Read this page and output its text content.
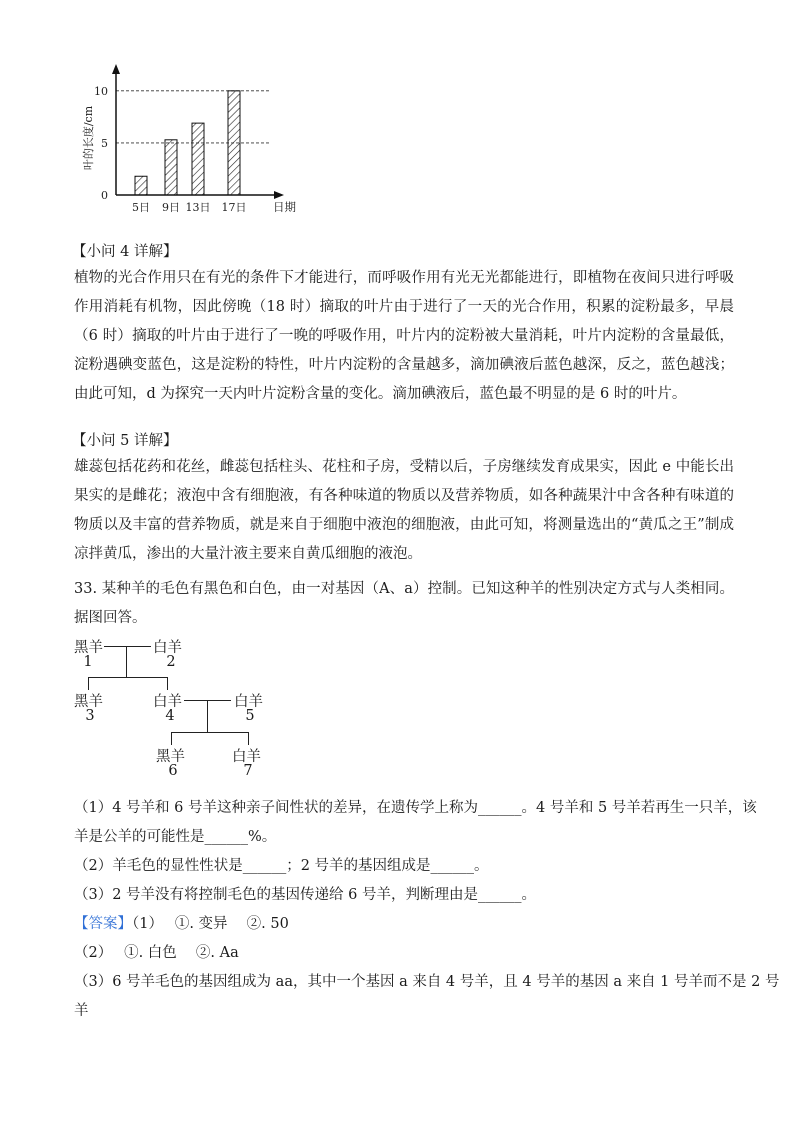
叶的长度/cm
0
5
10
5日 9日 13日 17日 日期
【小问 4 详解】

植物的光合作用只在有光的条件下才能进行，而呼吸作用有光无光都能进行，即植物在夜间只进行呼吸作用消耗有机物，因此傍晚（18 时）摘取的叶片由于进行了一天的光合作用，积累的淀粉最多，早晨（6 时）摘取的叶片由于进行了一晚的呼吸作用，叶片内的淀粉被大量消耗，叶片内淀粉的含量最低，淀粉遇碘变蓝色，这是淀粉的特性，叶片内淀粉的含量越多，滴加碘液后蓝色越深，反之，蓝色越浅；由此可知，d 为探究一天内叶片淀粉含量的变化。滴加碘液后，蓝色最不明显的是 6 时的叶片。

【小问 5 详解】

雄蕊包括花药和花丝，雌蕊包括柱头、花柱和子房，受精以后，子房继续发育成果实，因此 e 中能长出果实的是雌花；液泡中含有细胞液，有各种味道的物质以及营养物质，如各种蔬果汁中含各种有味道的物质以及丰富的营养物质，就是来自于细胞中液泡的细胞液，由此可知，将测量选出的“黄瓜之王”制成凉拌黄瓜，渗出的大量汁液主要来自黄瓜细胞的液泡。

33. 某种羊的毛色有黑色和白色，由一对基因（A、a）控制。已知这种羊的性别决定方式与人类相同。据图回答。

黑羊
1
白羊
2
黑羊
3
白羊
4
白羊
5
黑羊
6
白羊
7
（1）4 号羊和 6 号羊这种亲子间性状的差异，在遗传学上称为______。4 号羊和 5 号羊若再生一只羊，该
羊是公羊的可能性是______%。
（2）羊毛色的显性性状是______；2 号羊的基因组成是______。
（3）2 号羊没有将控制毛色的基因传递给 6 号羊，判断理由是______。
【答案】（1）　 ①. 变异　 ②. 50
（2）　 ①. 白色　 ②. Aa
（3）6 号羊毛色的基因组成为 aa，其中一个基因 a 来自 4 号羊，且 4 号羊的基因 a 来自 1 号羊而不是 2 号
羊
